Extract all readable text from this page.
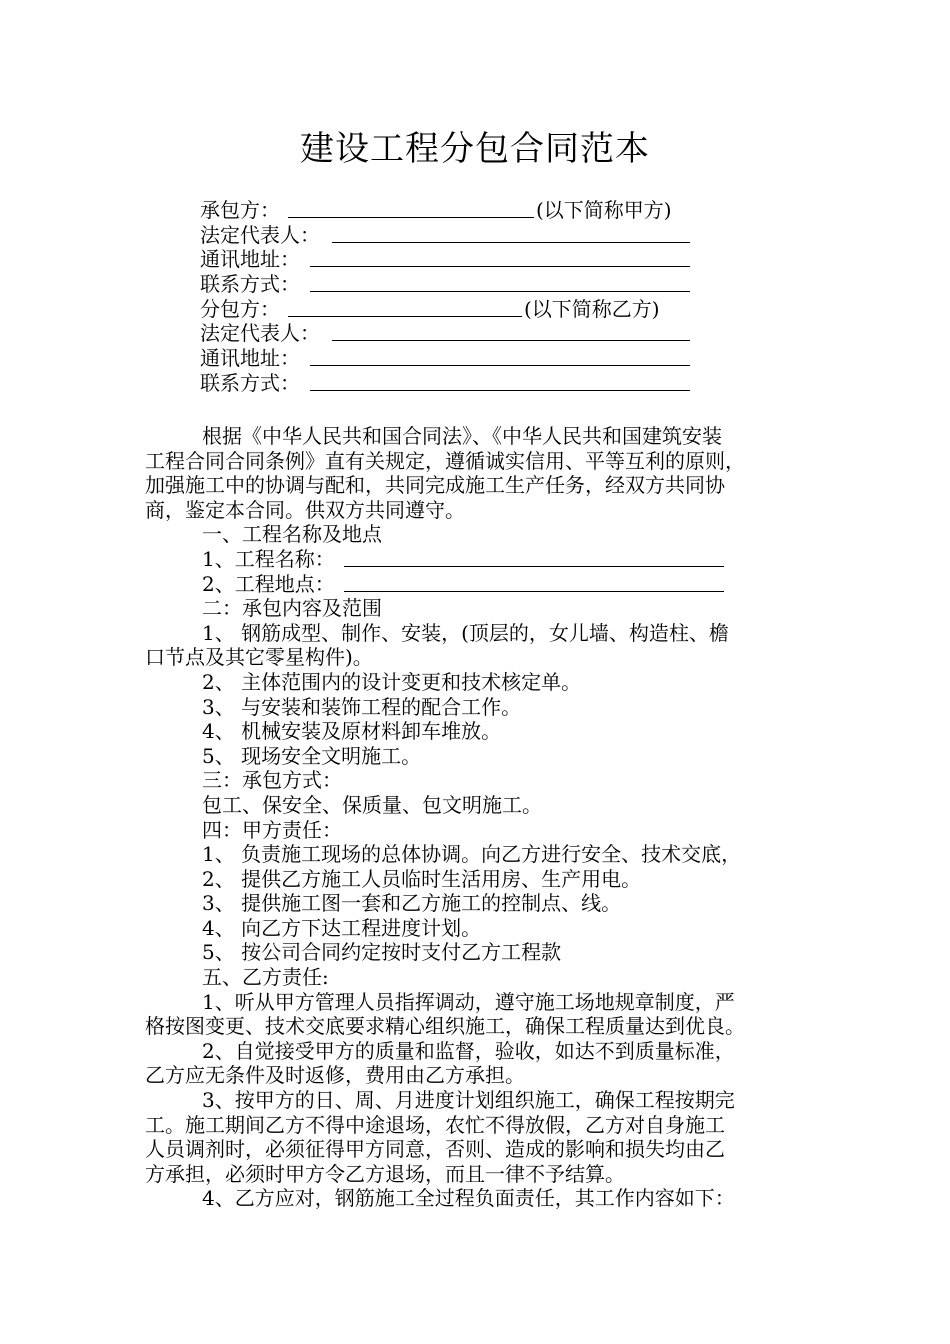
建设工程分包合同范本
承包方：	(以下简称甲方)
法定代表人：
通讯地址：
联系方式：
分包方：	(以下简称乙方)
法定代表人：
通讯地址：
联系方式：
根据《中华人民共和国合同法》、《中华人民共和国建筑安装
工程合同合同条例》直有关规定，遵循诚实信用、平等互利的原则，
加强施工中的协调与配和，共同完成施工生产任务，经双方共同协
商，鉴定本合同。供双方共同遵守。
一、工程名称及地点
1、工程名称：
2、工程地点：
二：承包内容及范围
1、 钢筋成型、制作、安装，(顶层的，女儿墙、构造柱、檐
口节点及其它零星构件)。
2、 主体范围内的设计变更和技术核定单。
3、 与安装和装饰工程的配合工作。
4、 机械安装及原材料卸车堆放。
5、 现场安全文明施工。
三：承包方式：
包工、保安全、保质量、包文明施工。
四：甲方责任：
1、 负责施工现场的总体协调。向乙方进行安全、技术交底，
2、 提供乙方施工人员临时生活用房、生产用电。
3、 提供施工图一套和乙方施工的控制点、线。
4、 向乙方下达工程进度计划。
5、 按公司合同约定按时支付乙方工程款
五、乙方责任:
1、听从甲方管理人员指挥调动，遵守施工场地规章制度，严
格按图变更、技术交底要求精心组织施工，确保工程质量达到优良。
2、自觉接受甲方的质量和监督，验收，如达不到质量标准，
乙方应无条件及时返修，费用由乙方承担。
3、按甲方的日、周、月进度计划组织施工，确保工程按期完
工。施工期间乙方不得中途退场，农忙不得放假，乙方对自身施工
人员调剂时，必须征得甲方同意，否则、造成的影响和损失均由乙
方承担，必须时甲方令乙方退场，而且一律不予结算。
4、乙方应对，钢筋施工全过程负面责任，其工作内容如下：
